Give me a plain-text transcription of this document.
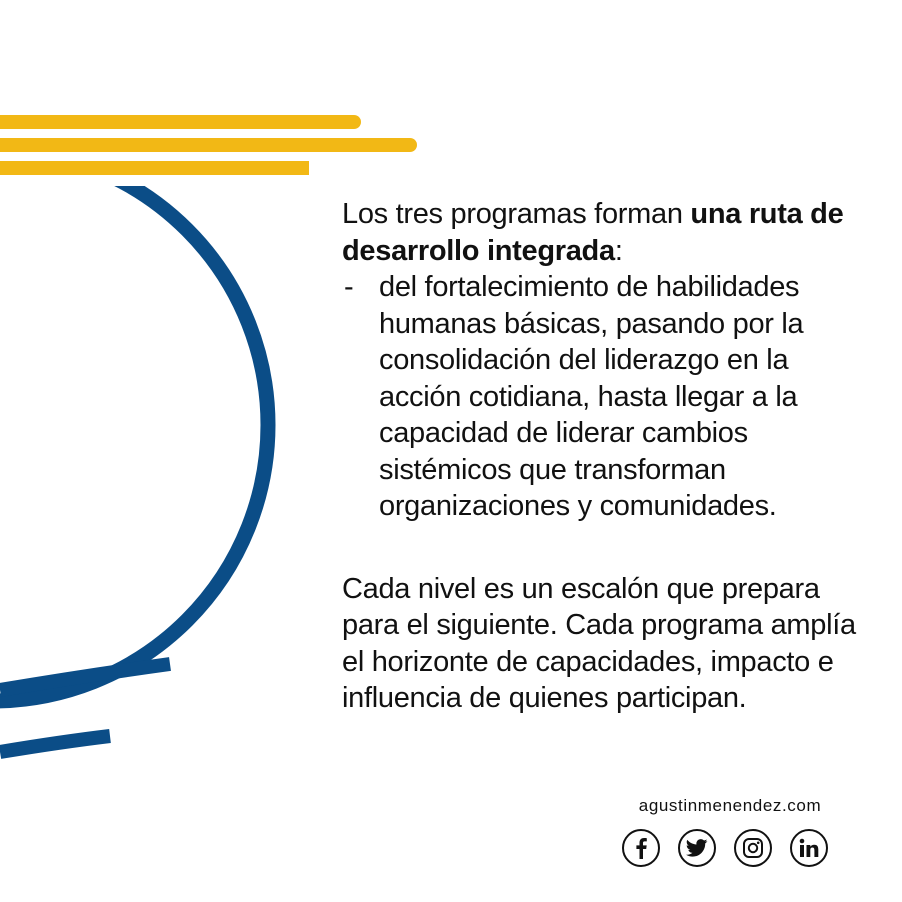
Los tres programas forman una ruta de desarrollo integrada:

- del fortalecimiento de habilidades humanas básicas, pasando por la consolidación del liderazgo en la acción cotidiana, hasta llegar a la capacidad de liderar cambios sistémicos que transforman organizaciones y comunidades.

Cada nivel es un escalón que prepara para el siguiente. Cada programa amplía el horizonte de capacidades, impacto e influencia de quienes participan.

agustinmenendez.com
